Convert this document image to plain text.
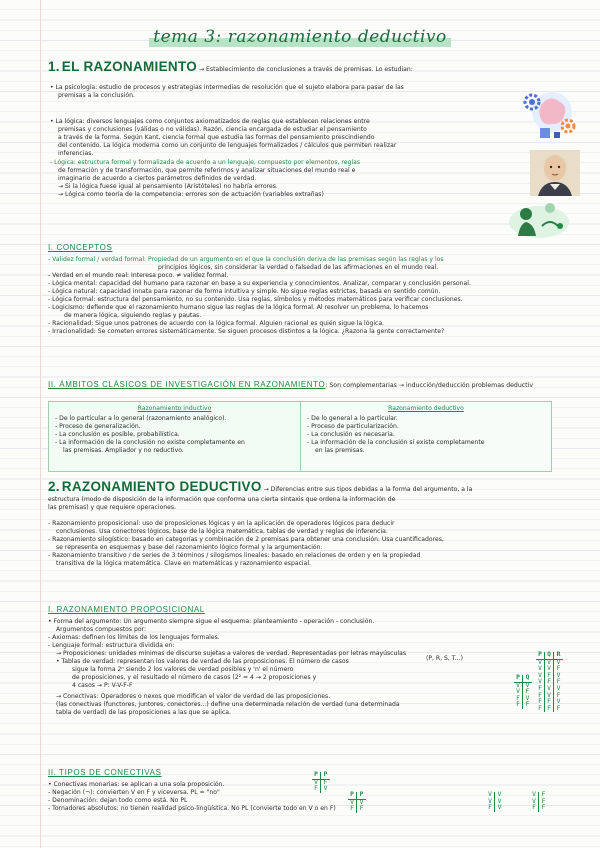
tema 3: razonamiento deductivo
1. EL RAZONAMIENTO → Establecimiento de conclusiones a través de premisas. Lo estudian:
• La psicología: estudio de procesos y estrategias intermedias de resolución que el sujeto elabora para pasar de las
premisas a la conclusión.
• La lógica: diversos lenguajes como conjuntos axiomatizados de reglas que establecen relaciones entre
premisas y conclusiones (válidas o no válidas). Razón, ciencia encargada de estudiar el pensamiento
a través de la forma. Según Kant, ciencia formal que estudia las formas del pensamiento prescindiendo
del contenido. La lógica moderna como un conjunto de lenguajes formalizados / cálculos que permiten realizar
inferencias.
- Lógica: estructura formal y formalizada de acuerdo a un lenguaje, compuesto por elementos, reglas
de formación y de transformación, que permite referirnos y analizar situaciones del mundo real e
imaginario de acuerdo a ciertos parámetros definidos de verdad.
→ Si la lógica fuese igual al pensamiento (Aristóteles) no habría errores.
→ Lógica como teoría de la competencia: errores son de actuación (variables extrañas)
I. CONCEPTOS
- Validez formal / verdad formal: Propiedad de un argumento en el que la conclusión deriva de las premisas según las reglas y los
principios lógicos, sin considerar la verdad o falsedad de las afirmaciones en el mundo real.
- Verdad en el mundo real: Interesa poco. ≠ validez formal.
- Lógica mental: capacidad del humano para razonar en base a su experiencia y conocimientos. Analizar, comparar y conclusión personal.
- Lógica natural: capacidad innata para razonar de forma intuitiva y simple. No sigue reglas estrictas, basada en sentido común.
- Lógica formal: estructura del pensamiento, no su contenido. Usa reglas, símbolos y métodos matemáticos para verificar conclusiones.
- Logicismo: defiende que el razonamiento humano sigue las reglas de la lógica formal. Al resolver un problema, lo hacemos
de manera lógica, siguiendo reglas y pautas.
- Racionalidad: Sigue unos patrones de acuerdo con la lógica formal. Alguien racional es quién sigue la lógica.
- Irracionalidad: Se cometen errores sistemáticamente. Se siguen procesos distintos a la lógica. ¿Razona la gente correctamente?
II. ÁMBITOS CLÁSICOS DE INVESTIGACIÓN EN RAZONAMIENTO: Son complementarias → inducción/deducción problemas deductiv
Razonamiento inductivo
- De lo particular a lo general (razonamiento analógico).
- Proceso de generalización.
- La conclusión es posible, probabilística.
- La información de la conclusión no existe completamente en
las premisas. Ampliador y no reductivo.
Razonamiento deductivo
- De lo general a lo particular.
- Proceso de particularización.
- La conclusión es necesaria.
- La información de la conclusión sí existe completamente
en las premisas.
2. RAZONAMIENTO DEDUCTIVO → Diferencias entre sus tipos debidas a la forma del argumento, a la
estructura (modo de disposición de la información que conforma una cierta sintaxis que ordena la información de
las premisas) y que requiere operaciones.
- Razonamiento proposicional: uso de proposiciones lógicas y en la aplicación de operadores lógicos para deducir
conclusiones. Usa conectores lógicos, base de la lógica matemática, tablas de verdad y reglas de inferencia.
- Razonamiento silogístico: basado en categorías y combinación de 2 premisas para obtener una conclusión. Usa cuantificadores,
se representa en esquemas y base del razonamiento lógico formal y la argumentación.
- Razonamiento transitivo / de series de 3 términos / silogismos lineales: basado en relaciones de orden y en la propiedad
transitiva de la lógica matemática. Clave en matemáticas y razonamiento espacial.
I. RAZONAMIENTO PROPOSICIONAL
• Forma del argumento: Un argumento siempre sigue el esquema: planteamiento - operación - conclusión.
Argumentos compuestos por:
- Axiomas: definen los límites de los lenguajes formales.
- Lenguaje formal: estructura dividida en:
→ Proposiciones: unidades mínimas de discurso sujetas a valores de verdad. Representadas por letras mayúsculas
• Tablas de verdad: representan los valores de verdad de las proposiciones. El número de casos
sigue la forma 2ⁿ siendo 2 los valores de verdad posibles y 'n' el número
de proposiciones, y el resultado el número de casos (2² = 4 → 2 proposiciones y
4 casos → P: V-V-F-F
→ Conectivas: Operadores o nexos que modifican el valor de verdad de las proposiciones.
(las conectivas (functores, juntores, conectores...) define una determinada relación de verdad (una determinada
tabla de verdad) de las proposiciones a las que se aplica.
(P, R, S, T...)
P Q R
V V V
V V F
V F V
V F F
F V V
F V F
F F V
F F F
P Q
V V
V F
F V
F F
II. TIPOS DE CONECTIVAS
• Conectivas monarias: se aplican a una sola proposición.
- Negación (¬): convierten V en F y viceversa. PL = "no"
- Denominación: dejan todo como está. No PL
- Tornadores absolutos: no tienen realidad psico-lingüística. No PL (convierte todo en V o en F)
P P
V F
F V
P P
V V
F F
V V
V V
F V
V F
V F
F F
